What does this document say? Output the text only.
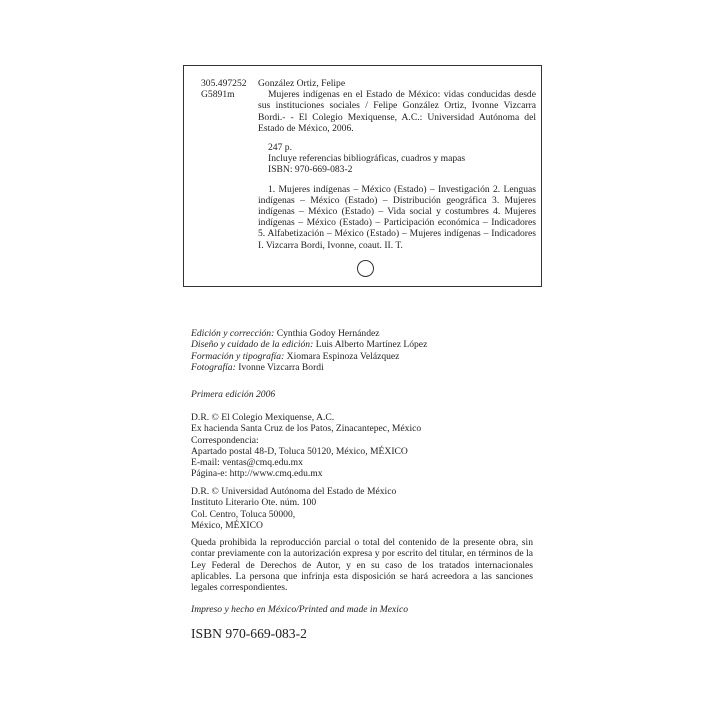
305.497252
G5891m

González Ortiz, Felipe

Mujeres indígenas en el Estado de México: vidas conducidas desde sus instituciones sociales / Felipe González Ortiz, Ivonne Vizcarra Bordi.- - El Colegio Mexiquense, A.C.: Universidad Autónoma del Estado de México, 2006.

247 p.
Incluye referencias bibliográficas, cuadros y mapas
ISBN: 970-669-083-2

1. Mujeres indígenas – México (Estado) – Investigación 2. Lenguas indígenas – México (Estado) – Distribución geográfica 3. Mujeres indígenas – México (Estado) – Vida social y costumbres 4. Mujeres indígenas – México (Estado) – Participación económica – Indicadores 5. Alfabetización – México (Estado) – Mujeres indígenas – Indicadores I. Vizcarra Bordi, Ivonne, coaut. II. T.

Edición y corrección: Cynthia Godoy Hernández
Diseño y cuidado de la edición: Luis Alberto Martínez López
Formación y tipografía: Xiomara Espinoza Velázquez
Fotografía: Ivonne Vizcarra Bordi
Primera edición 2006
D.R. © El Colegio Mexiquense, A.C.
Ex hacienda Santa Cruz de los Patos, Zinacantepec, México
Correspondencia:
Apartado postal 48-D, Toluca 50120, México, MÉXICO
E-mail: ventas@cmq.edu.mx
Página-e: http://www.cmq.edu.mx
D.R. © Universidad Autónoma del Estado de México
Instituto Literario Ote. núm. 100
Col. Centro, Toluca 50000,
México, MÉXICO
Queda prohibida la reproducción parcial o total del contenido de la presente obra, sin contar previamente con la autorización expresa y por escrito del titular, en términos de la Ley Federal de Derechos de Autor, y en su caso de los tratados internacionales aplicables. La persona que infrinja esta disposición se hará acreedora a las sanciones legales correspondientes.
Impreso y hecho en México/Printed and made in Mexico
ISBN 970-669-083-2
